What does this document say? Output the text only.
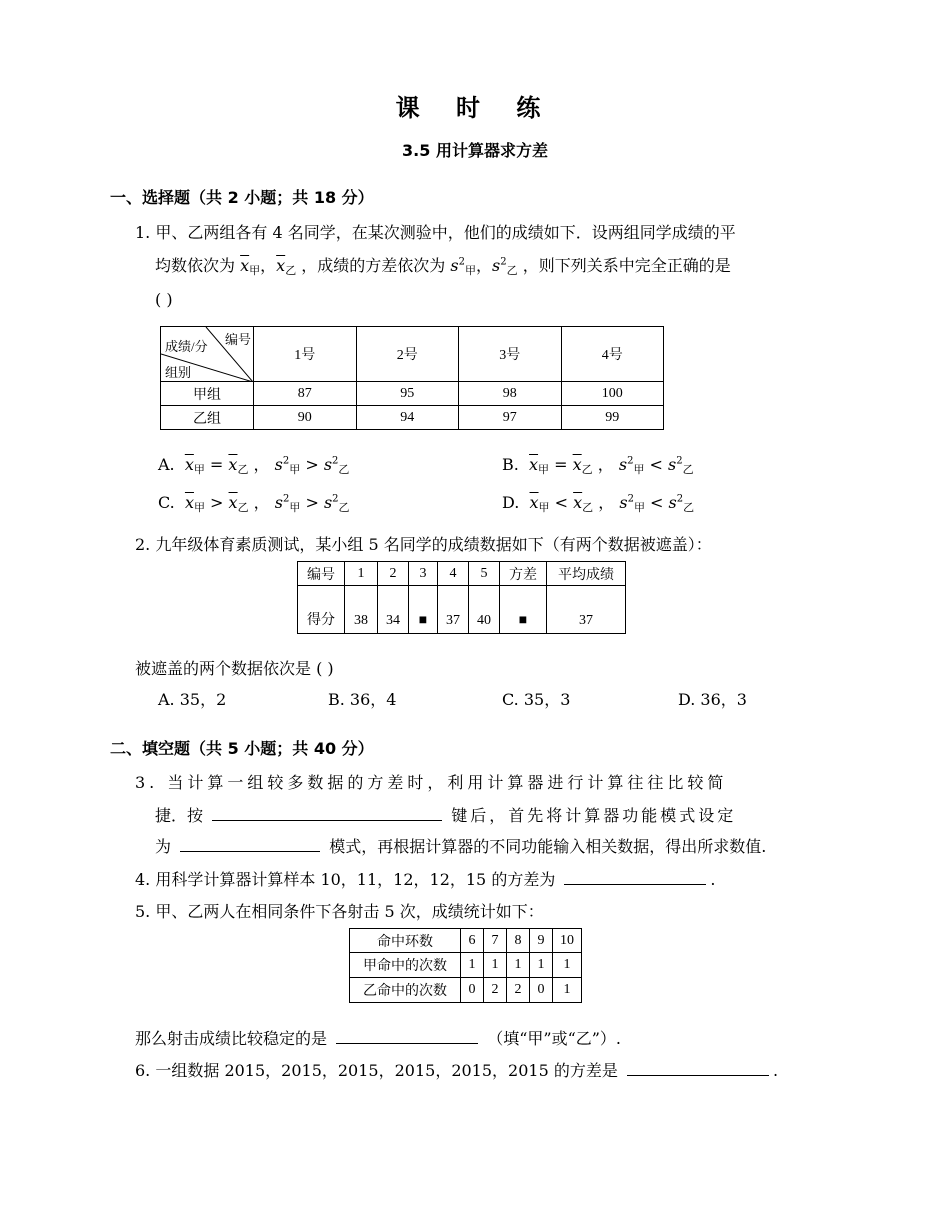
课 时 练
3.5 用计算器求方差
一、选择题（共 2 小题；共 18 分）
1. 甲、乙两组各有 4 名同学，在某次测验中，他们的成绩如下．设两组同学成绩的平
均数依次为 $\overline{x}_甲$，$\overline{x}_乙$ ，成绩的方差依次为 $s^2_甲$，$s^2_乙$ ，则下列关系中完全正确的是
( )
编号
成绩/分
组别	1号	2号	3号	4号
甲组	87	95	98	100
乙组	90	94	97	99
A. $\overline{x}_甲 = \overline{x}_乙$ ， $s^2_甲 > s^2_乙$	B. $\overline{x}_甲 = \overline{x}_乙$ ， $s^2_甲 < s^2_乙$
C. $\overline{x}_甲 > \overline{x}_乙$ ， $s^2_甲 > s^2_乙$	D. $\overline{x}_甲 < \overline{x}_乙$ ， $s^2_甲 < s^2_乙$
2. 九年级体育素质测试，某小组 5 名同学的成绩数据如下（有两个数据被遮盖）：
编号	1	2	3	4	5	方差	平均成绩
得分	38	34	■	37	40	■	37
被遮盖的两个数据依次是 ( )
A. 35，2	B. 36，4	C. 35，3	D. 36，3
二、填空题（共 5 小题；共 40 分）
3. 当计算一组较多数据的方差时，利用计算器进行计算往往比较简
捷．按	键后，首先将计算器功能模式设定
为	模式，再根据计算器的不同功能输入相关数据，得出所求数值.
4. 用科学计算器计算样本 10，11，12，12，15 的方差为	.
5. 甲、乙两人在相同条件下各射击 5 次，成绩统计如下：
命中环数	6	7	8	9	10
甲命中的次数	1	1	1	1	1
乙命中的次数	0	2	2	0	1
那么射击成绩比较稳定的是	（填“甲”或“乙”）.
6. 一组数据 2015，2015，2015，2015，2015，2015 的方差是	.
